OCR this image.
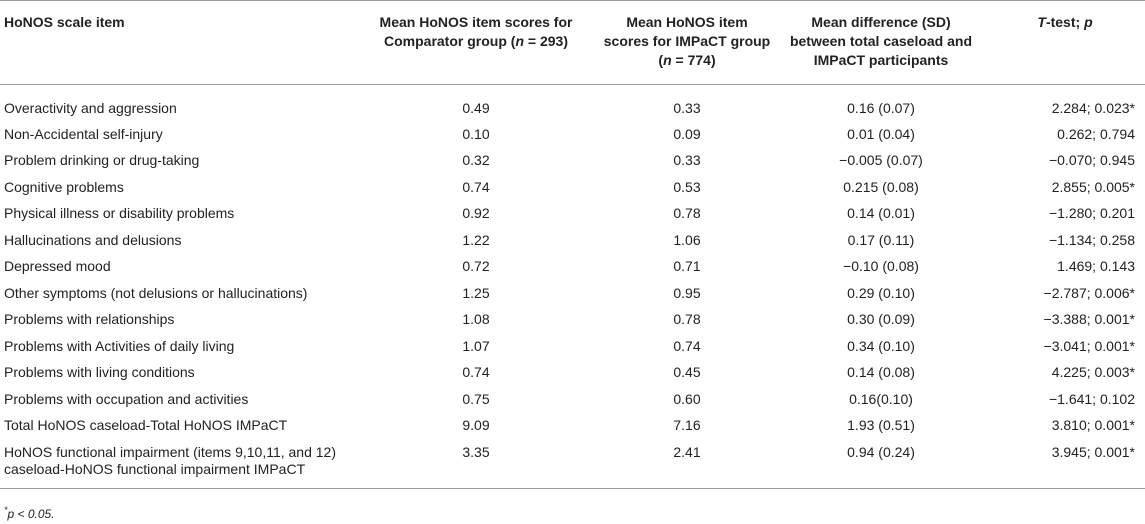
HoNOS scale item	Mean HoNOS item scores for Comparator group (n = 293)	Mean HoNOS item scores for IMPaCT group (n = 774)	Mean difference (SD) between total caseload and IMPaCT participants	T-test; p
Overactivity and aggression	0.49	0.33	0.16 (0.07)	2.284; 0.023*
Non-Accidental self-injury	0.10	0.09	0.01 (0.04)	0.262; 0.794
Problem drinking or drug-taking	0.32	0.33	−0.005 (0.07)	−0.070; 0.945
Cognitive problems	0.74	0.53	0.215 (0.08)	2.855; 0.005*
Physical illness or disability problems	0.92	0.78	0.14 (0.01)	−1.280; 0.201
Hallucinations and delusions	1.22	1.06	0.17 (0.11)	−1.134; 0.258
Depressed mood	0.72	0.71	−0.10 (0.08)	1.469; 0.143
Other symptoms (not delusions or hallucinations)	1.25	0.95	0.29 (0.10)	−2.787; 0.006*
Problems with relationships	1.08	0.78	0.30 (0.09)	−3.388; 0.001*
Problems with Activities of daily living	1.07	0.74	0.34 (0.10)	−3.041; 0.001*
Problems with living conditions	0.74	0.45	0.14 (0.08)	4.225; 0.003*
Problems with occupation and activities	0.75	0.60	0.16(0.10)	−1.641; 0.102
Total HoNOS caseload-Total HoNOS IMPaCT	9.09	7.16	1.93 (0.51)	3.810; 0.001*
HoNOS functional impairment (items 9,10,11, and 12) caseload-HoNOS functional impairment IMPaCT	3.35	2.41	0.94 (0.24)	3.945; 0.001*
*p < 0.05.
